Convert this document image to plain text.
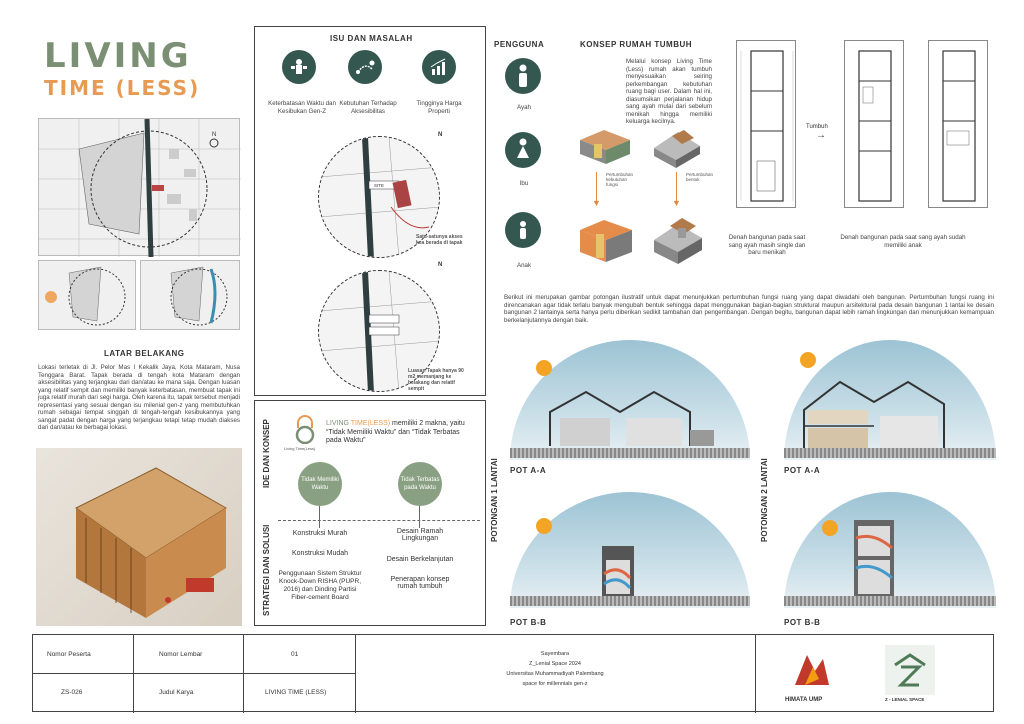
LIVING
TIME (LESS)
N
LATAR BELAKANG
Lokasi terletak di Jl. Pelor Mas I Kekalik Jaya, Kota Mataram, Nusa Tenggara Barat. Tapak berada di tengah kota Mataram dengan aksesibilitas yang terjangkau dari dan/atau ke mana saja. Dengan luasan yang relatif sempit dan memiliki banyak keterbatasan, membuat tapak ini juga relatif murah dari segi harga. Oleh karena itu, tapak tersebut menjadi representasi yang sesuai dengan isu milenial gen-z yang membutuhkan rumah sebagai tempat singgah di tengah-tengah kesibukannya yang sangat padat dengan harga yang terjangkau tetapi tetap mudah diakses dari dan/atau ke berbagai lokasi.
ISU DAN MASALAH
Keterbatasan Waktu dan Kesibukan Gen-Z
Kebutuhan Terhadap Aksesibilitas
Tingginya Harga Properti
SITE
Satu-satunya akses kea berada di tapak
N
N
Luasan Tapak hanya 90 m2 memanjang ke belakang dan relatif sempit
IDE DAN KONSEP
STRATEGI DAN SOLUSI
Living Time(Less)
LIVING TIME(LESS) memiliki 2 makna, yaitu “Tidak Memiliki Waktu” dan “Tidak Terbatas pada Waktu”
Tidak Memiliki Waktu
Tidak Terbatas pada Waktu
Konstruksi Murah
Konstruksi Mudah
Penggunaan Sistem Struktur Knock-Down RISHA (PUPR, 2016) dan Dinding Partisi Fiber-cement Board
Desain Ramah Lingkungan
Desain Berkelanjutan
Penerapan konsep rumah tumbuh
PENGGUNA
Ayah
Ibu
Anak
KONSEP RUMAH TUMBUH
Melalui konsep Living Time (Less) rumah akan tumbuh menyesuaikan seiring perkembangan kebutuhan ruang bagi user. Dalam hal ini, diasumsikan perjalanan hidup sang ayah mulai dari sebelum menikah hingga memiliki keluarga kecilnya.
▼	▼
Pertumbuhan kebutuhan fungsi
Pertumbuhan bentuk
Tumbuh
→
Denah bangunan pada saat sang ayah masih single dan baru menikah
Denah bangunan pada saat sang ayah sudah memiliki anak
Berikut ini merupakan gambar potongan ilustratif untuk dapat menunjukkan pertumbuhan fungsi ruang yang dapat diwadahi oleh bangunan. Pertumbuhan fungsi ruang ini direncanakan agar tidak terlalu banyak mengubah bentuk sehingga dapat menggunakan bagian-bagian struktural maupun arsitektural pada desain bangunan 1 lantai ke desain bangunan 2 lantainya serta hanya perlu diberikan sedikit tambahan dan pengembangan. Dengan begitu, bangunan dapat lebih ramah lingkungan dan menunjukkan kemampuan berkelanjutannya dengan baik.
POTONGAN 1 LANTAI	POTONGAN 2 LANTAI
POT A-A	POT A-A
POT B-B	POT B-B
Nomor Peserta	Nomor Lembar	01
ZS-026	Judul Karya	LIVING TIME (LESS)
Sayembara
Z_Lenial Space 2024
Universitas Muhammadiyah Palembang
space for millennials gen-z
HIMATA UMP	Z - LENIAL SPACE
